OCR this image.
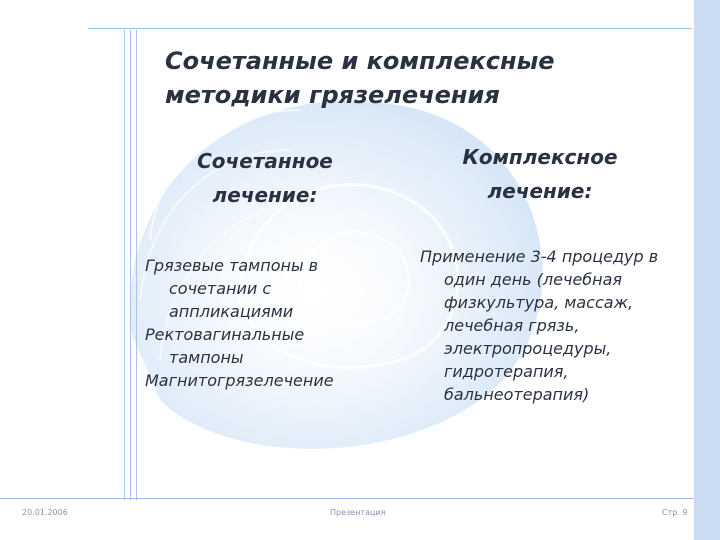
Сочетанные и комплексные
методики грязелечения
Сочетанное
лечение:
Комплексное
лечение:
Грязевые тампоны в сочетании с аппликациями
Ректовагинальные тампоны
Магнитогрязелечение
Применение 3-4 процедур в один день (лечебная физкультура, массаж, лечебная грязь, электропроцедуры, гидротерапия, бальнеотерапия)
20.01.2006	Презентация	Стр. 9
